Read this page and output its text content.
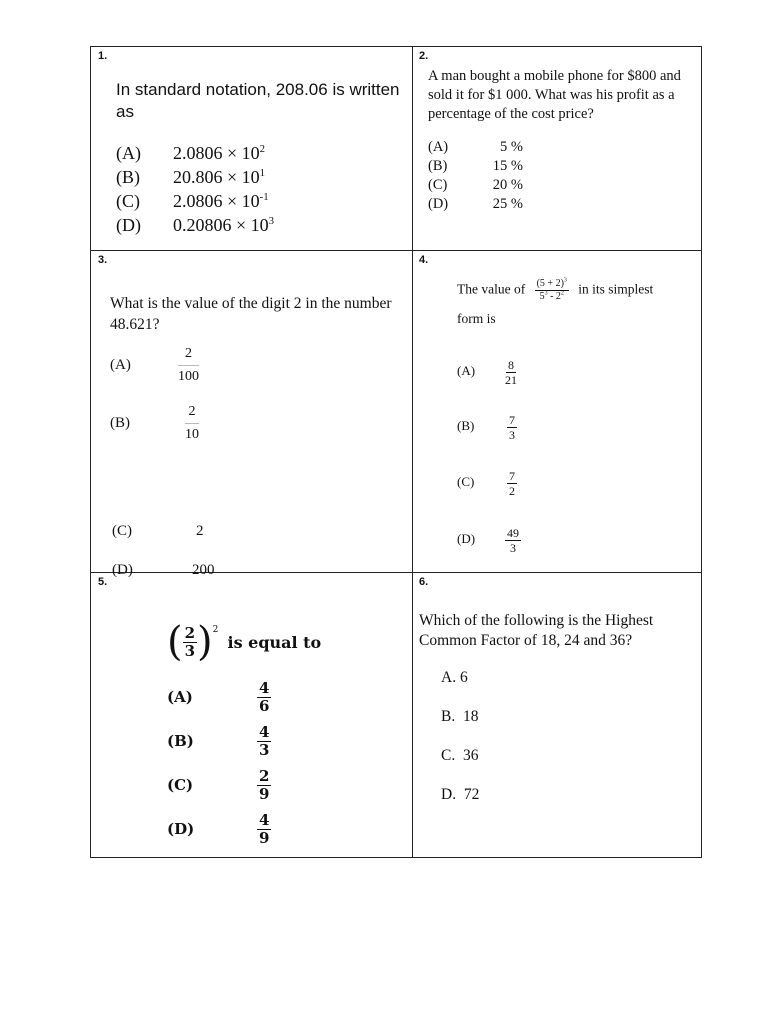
1.
In standard notation, 208.06 is written as
(A) $2.0806 \times 10^2$
(B) $20.806 \times 10^1$
(C) $2.0806 \times 10^{-1}$
(D) $0.20806 \times 10^3$
2.
A man bought a mobile phone for $800 and sold it for $1 000. What was his profit as a percentage of the cost price?
(A)	5 %
(B)	15 %
(C)	20 %
(D)	25 %
3.
What is the value of the digit 2 in the number 48.621?
(A)	$\frac{2}{100}$
(B)	$\frac{2}{10}$
(C)	2
(D)	200
4.
The value of $\frac{(5 + 2)^3}{5^3 - 2^2}$ in its simplest
form is
$(A) \frac{8}{21}$
(B)	$\frac{7}{3}$
(C)	$\frac{7}{2}$
$(D) \frac{49}{3}$
5.
( $\frac{2}{3} )^2$ is equal to
(A)	$\frac{4}{6}$
(B)	$\frac{4}{3}$
(C)	$\frac{2}{9}$
(D)	$\frac{4}{9}$
6.
Which of the following is the Highest Common Factor of 18, 24 and 36?
A. 6
B.  18
C.  36
D.  72
